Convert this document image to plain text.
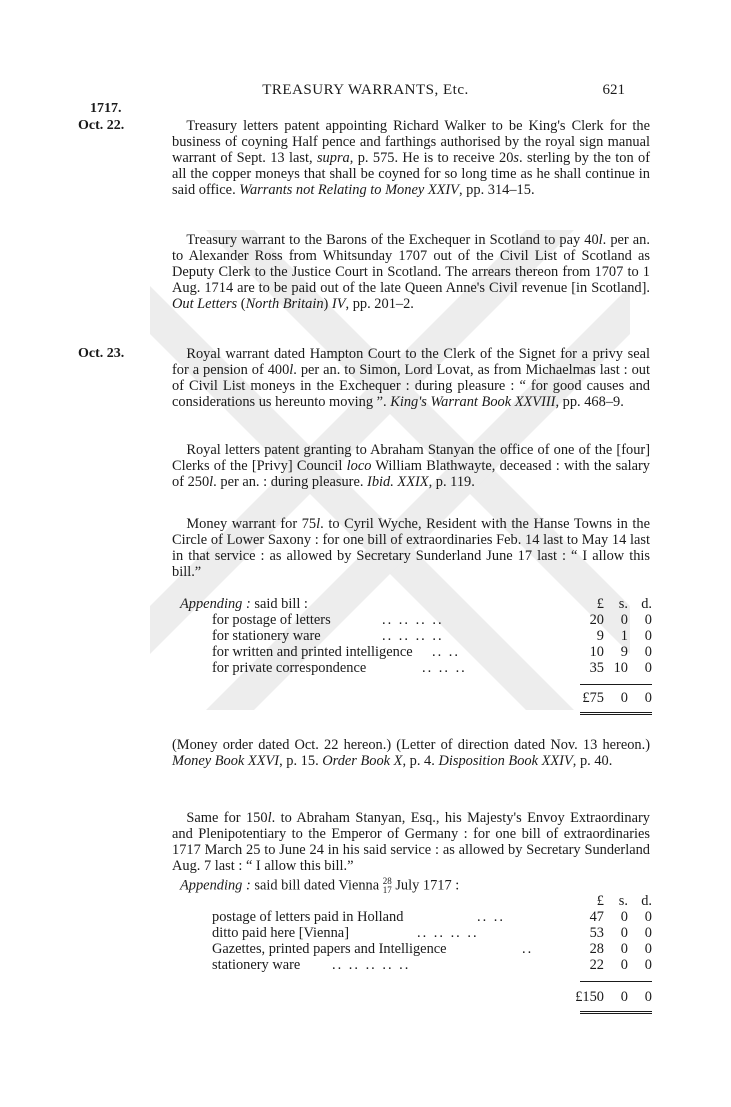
TREASURY WARRANTS, Etc.	621
1717.
Oct. 22.

 	Treasury letters patent appointing Richard Walker to be King's Clerk for the business of coyning Half pence and farthings authorised by the royal sign manual warrant of Sept. 13 last, supra, p. 575. He is to receive 20s. sterling by the ton of all the copper moneys that shall be coyned for so long time as he shall continue in said office. Warrants not Relating to Money XXIV, pp. 314–15.

 Treasury warrant to the Barons of the Exchequer in Scotland to pay 40l. per an. to Alexander Ross from Whitsunday 1707 out of the Civil List of Scotland as Deputy Clerk to the Justice Court in Scotland. The arrears thereon from 1707 to 1 Aug. 1714 are to be paid out of the late Queen Anne's Civil revenue [in Scotland]. Out Letters (North Britain) IV, pp. 201–2.

Oct. 23.

 	Royal warrant dated Hampton Court to the Clerk of the Signet for a privy seal for a pension of 400l. per an. to Simon, Lord Lovat, as from Michaelmas last : out of Civil List moneys in the Exchequer : during pleasure : “ for good causes and considerations us hereunto moving ”. King's Warrant Book XXVIII, pp. 468–9.

 Royal letters patent granting to Abraham Stanyan the office of one of the [four] Clerks of the [Privy] Council loco William Blathwayte, deceased : with the salary of 250l. per an. : during pleasure. Ibid. XXIX, p. 119.

 Money warrant for 75l. to Cyril Wyche, Resident with the Hanse Towns in the Circle of Lower Saxony : for one bill of extraordinaries Feb. 14 last to May 14 last in that service : as allowed by Secretary Sunderland June 17 last : “ I allow this bill.”

Appending : said bill :	£	s. d.
for postage of letters	.. .. .. ..	20	0	0
for stationery ware	.. .. .. ..	9	1	0
for written and printed intelligence .. ..	10	9	0
for private correspondence	.. .. ..	35 10	0
£75	0	0

(Money order dated Oct. 22 hereon.) (Letter of direction dated Nov. 13 hereon.) Money Book XXVI, p. 15. Order Book X, p. 4. Disposition Book XXIV, p. 40.

 Same for 150l. to Abraham Stanyan, Esq., his Majesty's Envoy Extraordinary and Plenipotentiary to the Emperor of Germany : for one bill of extraordinaries 1717 March 25 to June 24 in his said service : as allowed by Secretary Sunderland Aug. 7 last : “ I allow this bill.”

Appending : said bill dated Vienna 28
17 July 1717 :
£	s. d.
postage of letters paid in Holland	.. ..	47	0	0
ditto paid here [Vienna]	.. .. .. ..	53	0	0
Gazettes, printed papers and Intelligence	..	28	0	0
stationery ware .. .. .. .. ..	22	0	0
£150	0	0
